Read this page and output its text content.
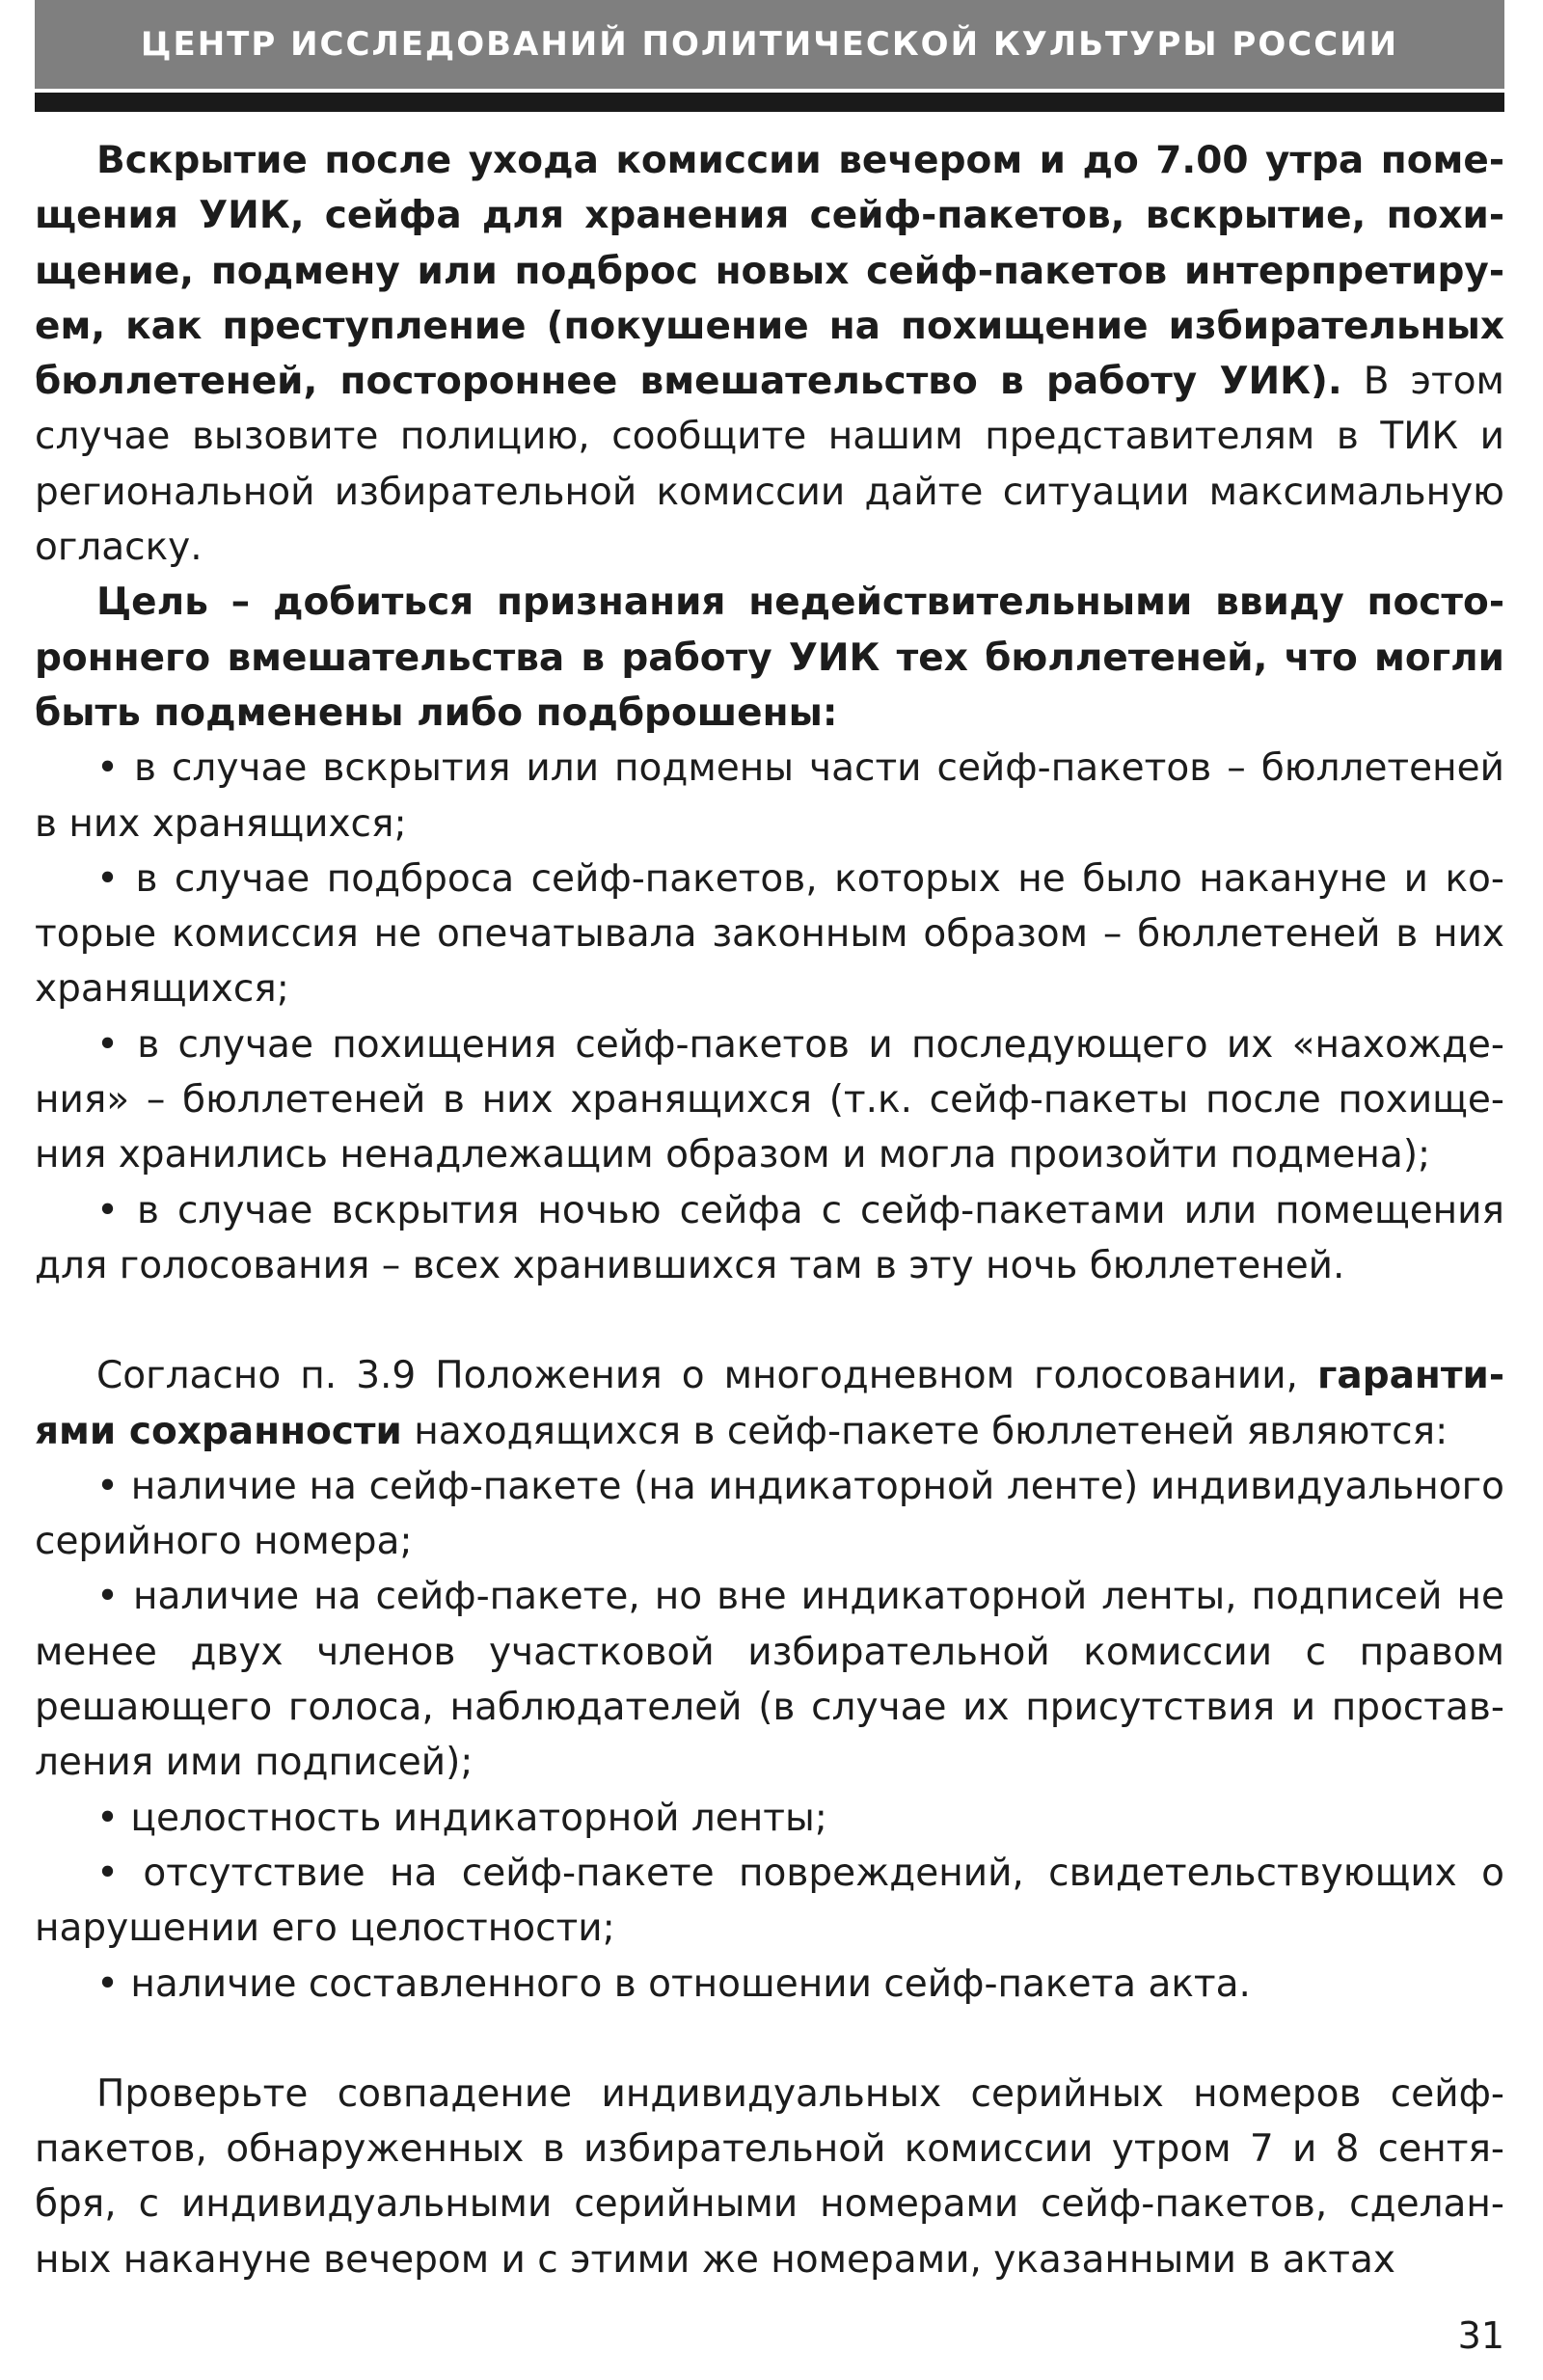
ЦЕНТР ИССЛЕДОВАНИЙ ПОЛИТИЧЕСКОЙ КУЛЬТУРЫ РОССИИ

Вскрытие после ухода комиссии вечером и до 7.00 утра помещения УИК, сейфа для хранения сейф-пакетов, вскрытие, похищение, подмену или подброс новых сейф-пакетов интерпретируем, как преступление (покушение на похищение избирательных бюллетеней, постороннее вмешательство в работу УИК). В этом случае вызовите полицию, сообщите нашим представителям в ТИК и региональной избирательной комиссии дайте ситуации максимальную огласку.

Цель – добиться признания недействительными ввиду постороннего вмешательства в работу УИК тех бюллетеней, что могли быть подменены либо подброшены:

• в случае вскрытия или подмены части сейф-пакетов – бюллетеней в них хранящихся;

• в случае подброса сейф-пакетов, которых не было накануне и которые комиссия не опечатывала законным образом – бюллетеней в них хранящихся;

• в случае похищения сейф-пакетов и последующего их «нахождения» – бюллетеней в них хранящихся (т.к. сейф-пакеты после похищения хранились ненадлежащим образом и могла произойти подмена);

• в случае вскрытия ночью сейфа с сейф-пакетами или помещения для голосования – всех хранившихся там в эту ночь бюллетеней.

Согласно п. 3.9 Положения о многодневном голосовании, гарантиями сохранности находящихся в сейф-пакете бюллетеней являются:

• наличие на сейф-пакете (на индикаторной ленте) индивидуального серийного номера;

• наличие на сейф-пакете, но вне индикаторной ленты, подписей не менее двух членов участковой избирательной комиссии с правом решающего голоса, наблюдателей (в случае их присутствия и проставления ими подписей);

• целостность индикаторной ленты;

• отсутствие на сейф-пакете повреждений, свидетельствующих о нарушении его целостности;

• наличие составленного в отношении сейф-пакета акта.

Проверьте совпадение индивидуальных серийных номеров сейф-пакетов, обнаруженных в избирательной комиссии утром 7 и 8 сентября, с индивидуальными серийными номерами сейф-пакетов, сделанных накануне вечером и с этими же номерами, указанными в актах

31
